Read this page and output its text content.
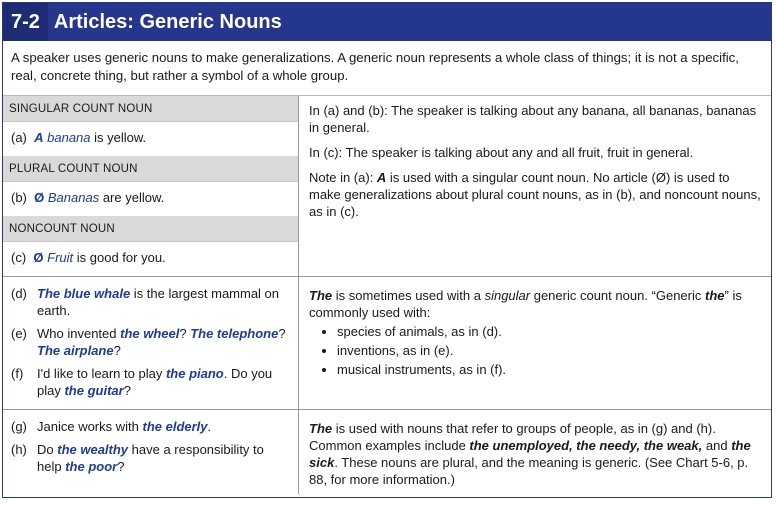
7-2 Articles: Generic Nouns
A speaker uses generic nouns to make generalizations. A generic noun represents a whole class of things; it is not a specific, real, concrete thing, but rather a symbol of a whole group.
SINGULAR COUNT NOUN
(a) A banana is yellow.
PLURAL COUNT NOUN
(b) Ø Bananas are yellow.
NONCOUNT NOUN
(c) Ø Fruit is good for you.

In (a) and (b): The speaker is talking about any banana, all bananas, bananas in general.

In (c): The speaker is talking about any and all fruit, fruit in general.

Note in (a): A is used with a singular count noun. No article (Ø) is used to make generalizations about plural count nouns, as in (b), and noncount nouns, as in (c).

(d) The blue whale is the largest mammal on earth.
(e) Who invented the wheel? The telephone? The airplane?
(f)	I'd like to learn to play the piano. Do you play the guitar?
The is sometimes used with a singular generic count noun. “Generic the” is commonly used with:
• species of animals, as in (d).
• inventions, as in (e).
• musical instruments, as in (f).
(g) Janice works with the elderly.
(h) Do the wealthy have a responsibility to help the poor?
The is used with nouns that refer to groups of people, as in (g) and (h). Common examples include the unemployed, the needy, the weak, and the sick. These nouns are plural, and the meaning is generic. (See Chart 5-6, p. 88, for more information.)
